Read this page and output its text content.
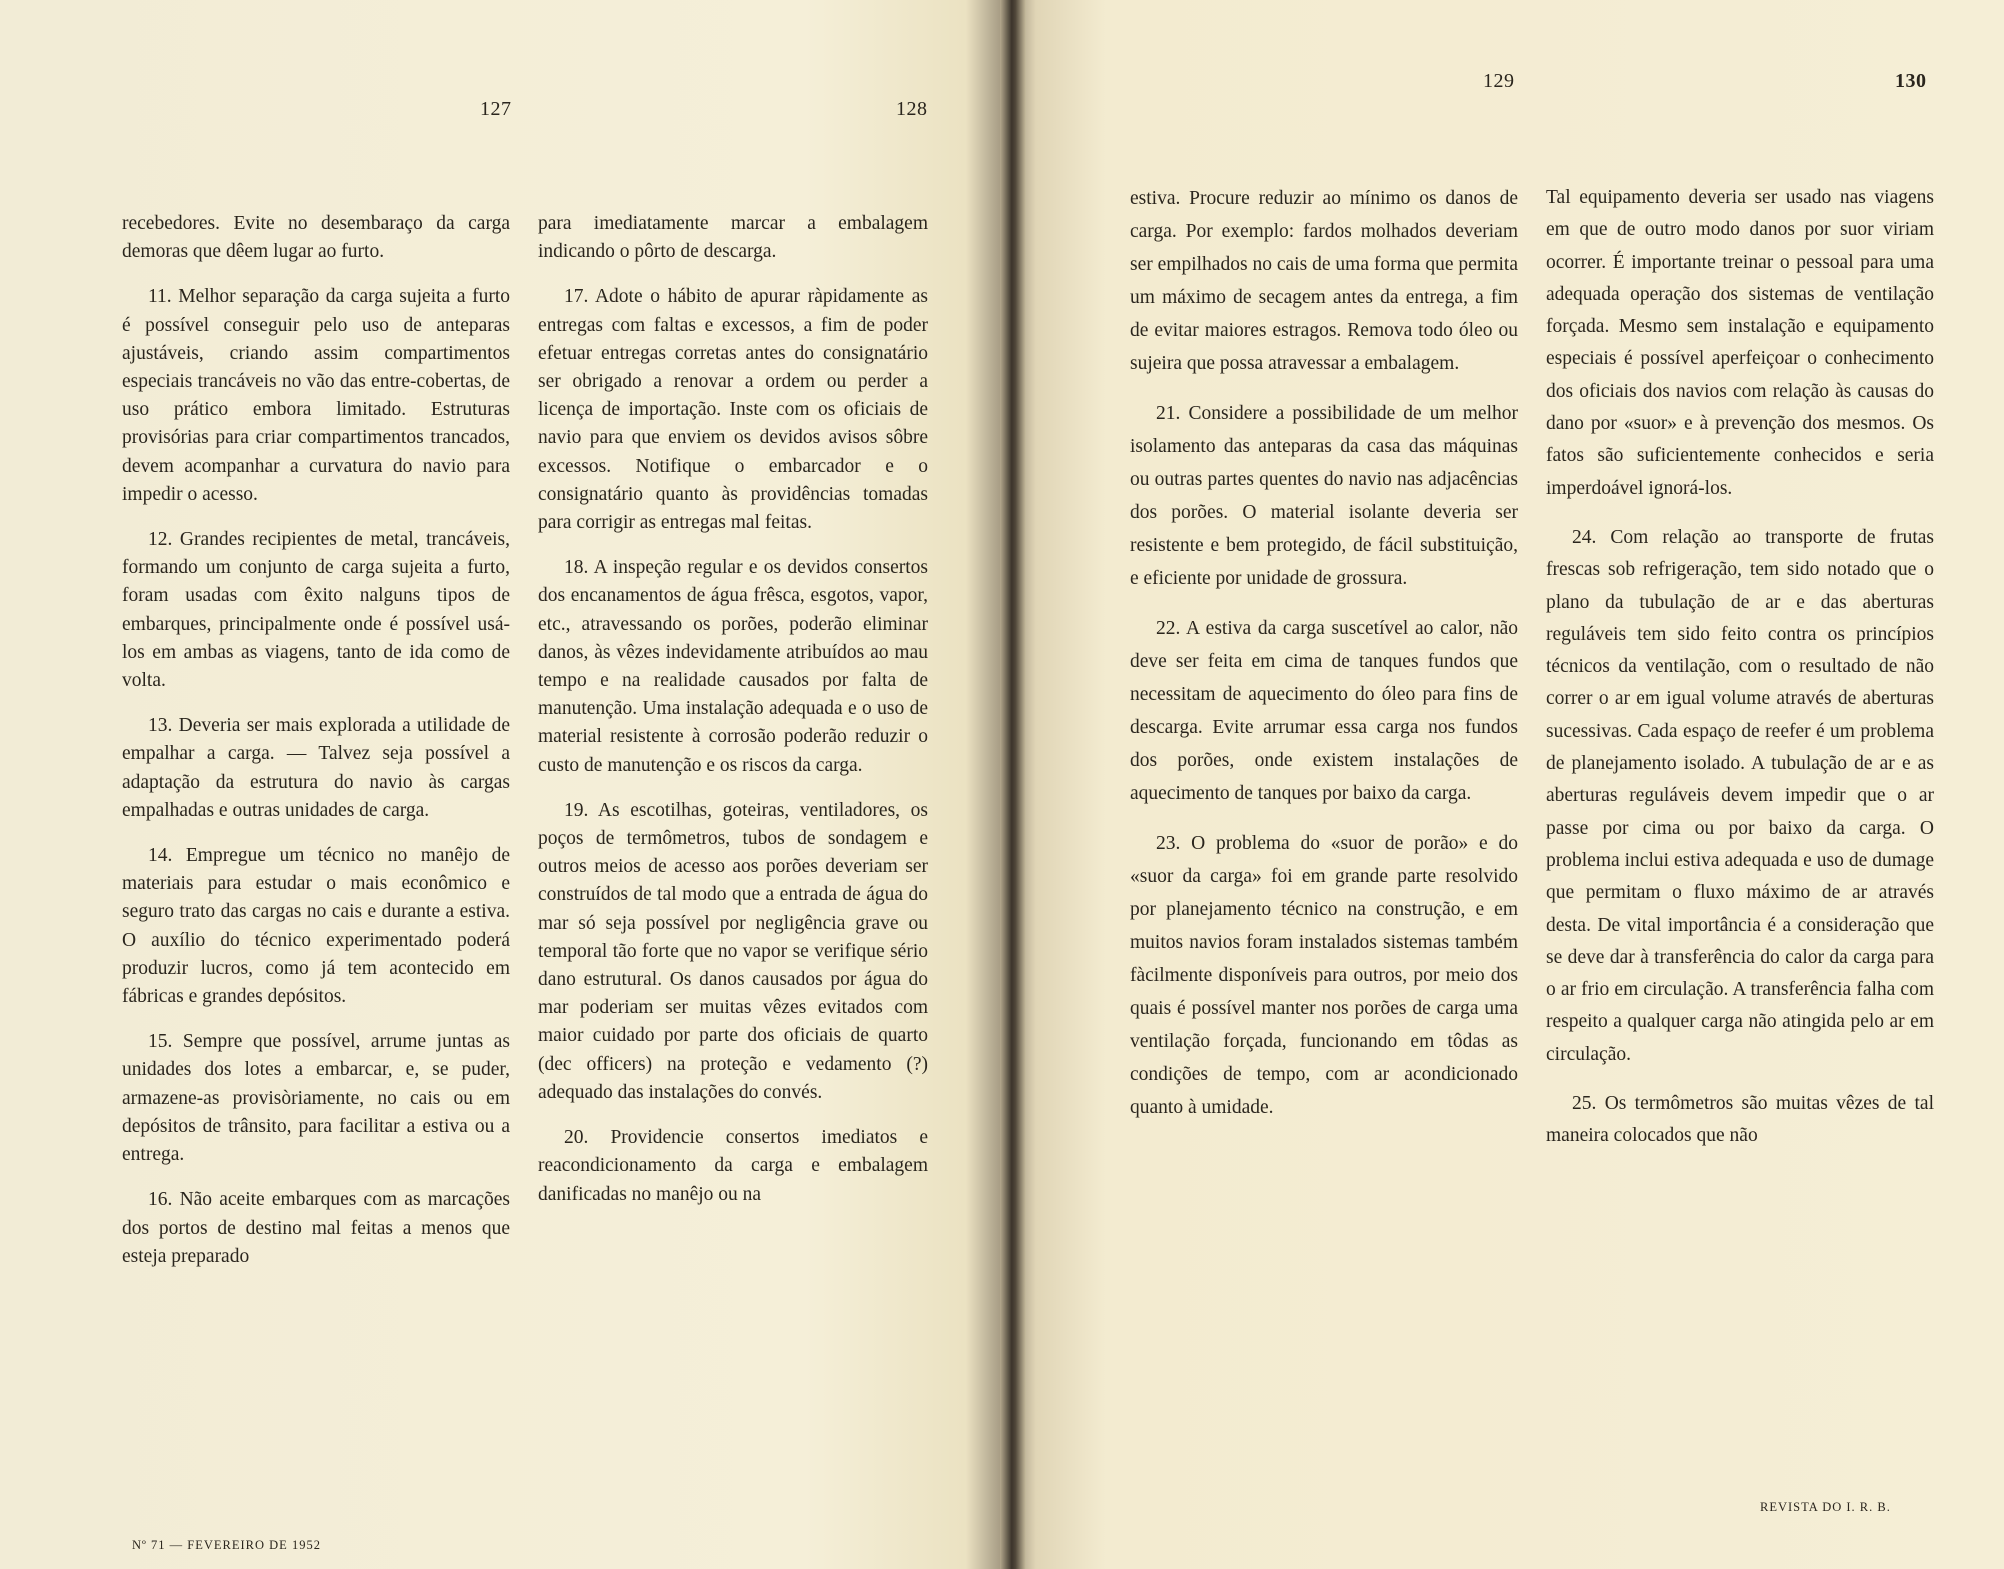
127	128
129	130

recebedores. Evite no desembaraço da carga demoras que dêem lugar ao furto.

11. Melhor separação da carga sujeita a furto é possível conseguir pelo uso de anteparas ajustáveis, criando assim compartimentos especiais trancáveis no vão das entre-cobertas, de uso prático embora limitado. Estruturas provisórias para criar compartimentos trancados, devem acompanhar a curvatura do navio para impedir o acesso.

12. Grandes recipientes de metal, trancáveis, formando um conjunto de carga sujeita a furto, foram usadas com êxito nalguns tipos de embarques, principalmente onde é possível usá-los em ambas as viagens, tanto de ida como de volta.

13. Deveria ser mais explorada a utilidade de empalhar a carga. — Talvez seja possível a adaptação da estrutura do navio às cargas empalhadas e outras unidades de carga.

14. Empregue um técnico no manêjo de materiais para estudar o mais econômico e seguro trato das cargas no cais e durante a estiva. O auxílio do técnico experimentado poderá produzir lucros, como já tem acontecido em fábricas e grandes depósitos.

15. Sempre que possível, arrume juntas as unidades dos lotes a embarcar, e, se puder, armazene-as provisòriamente, no cais ou em depósitos de trânsito, para facilitar a estiva ou a entrega.

16. Não aceite embarques com as marcações dos portos de destino mal feitas a menos que esteja preparado

para imediatamente marcar a embalagem indicando o pôrto de descarga.

17. Adote o hábito de apurar ràpidamente as entregas com faltas e excessos, a fim de poder efetuar entregas corretas antes do consignatário ser obrigado a renovar a ordem ou perder a licença de importação. Inste com os oficiais de navio para que enviem os devidos avisos sôbre excessos. Notifique o embarcador e o consignatário quanto às providências tomadas para corrigir as entregas mal feitas.

18. A inspeção regular e os devidos consertos dos encanamentos de água frêsca, esgotos, vapor, etc., atravessando os porões, poderão eliminar danos, às vêzes indevidamente atribuídos ao mau tempo e na realidade causados por falta de manutenção. Uma instalação adequada e o uso de material resistente à corrosão poderão reduzir o custo de manutenção e os riscos da carga.

19. As escotilhas, goteiras, ventiladores, os poços de termômetros, tubos de sondagem e outros meios de acesso aos porões deveriam ser construídos de tal modo que a entrada de água do mar só seja possível por negligência grave ou temporal tão forte que no vapor se verifique sério dano estrutural. Os danos causados por água do mar poderiam ser muitas vêzes evitados com maior cuidado por parte dos oficiais de quarto (dec officers) na proteção e vedamento (?) adequado das instalações do convés.

20. Providencie consertos imediatos e reacondicionamento da carga e embalagem danificadas no manêjo ou na

estiva. Procure reduzir ao mínimo os danos de carga. Por exemplo: fardos molhados deveriam ser empilhados no cais de uma forma que permita um máximo de secagem antes da entrega, a fim de evitar maiores estragos. Remova todo óleo ou sujeira que possa atravessar a embalagem.

21. Considere a possibilidade de um melhor isolamento das anteparas da casa das máquinas ou outras partes quentes do navio nas adjacências dos porões. O material isolante deveria ser resistente e bem protegido, de fácil substituição, e eficiente por unidade de grossura.

22. A estiva da carga suscetível ao calor, não deve ser feita em cima de tanques fundos que necessitam de aquecimento do óleo para fins de descarga. Evite arrumar essa carga nos fundos dos porões, onde existem instalações de aquecimento de tanques por baixo da carga.

23. O problema do «suor de porão» e do «suor da carga» foi em grande parte resolvido por planejamento técnico na construção, e em muitos navios foram instalados sistemas também fàcilmente disponíveis para outros, por meio dos quais é possível manter nos porões de carga uma ventilação forçada, funcionando em tôdas as condições de tempo, com ar acondicionado quanto à umidade.

Tal equipamento deveria ser usado nas viagens em que de outro modo danos por suor viriam ocorrer. É importante treinar o pessoal para uma adequada operação dos sistemas de ventilação forçada. Mesmo sem instalação e equipamento especiais é possível aperfeiçoar o conhecimento dos oficiais dos navios com relação às causas do dano por «suor» e à prevenção dos mesmos. Os fatos são suficientemente conhecidos e seria imperdoável ignorá-los.

24. Com relação ao transporte de frutas frescas sob refrigeração, tem sido notado que o plano da tubulação de ar e das aberturas reguláveis tem sido feito contra os princípios técnicos da ventilação, com o resultado de não correr o ar em igual volume através de aberturas sucessivas. Cada espaço de reefer é um problema de planejamento isolado. A tubulação de ar e as aberturas reguláveis devem impedir que o ar passe por cima ou por baixo da carga. O problema inclui estiva adequada e uso de dumage que permitam o fluxo máximo de ar através desta. De vital importância é a consideração que se deve dar à transferência do calor da carga para o ar frio em circulação. A transferência falha com respeito a qualquer carga não atingida pelo ar em circulação.

25. Os termômetros são muitas vêzes de tal maneira colocados que não

Nº 71 — FEVEREIRO DE 1952
REVISTA DO I. R. B.
